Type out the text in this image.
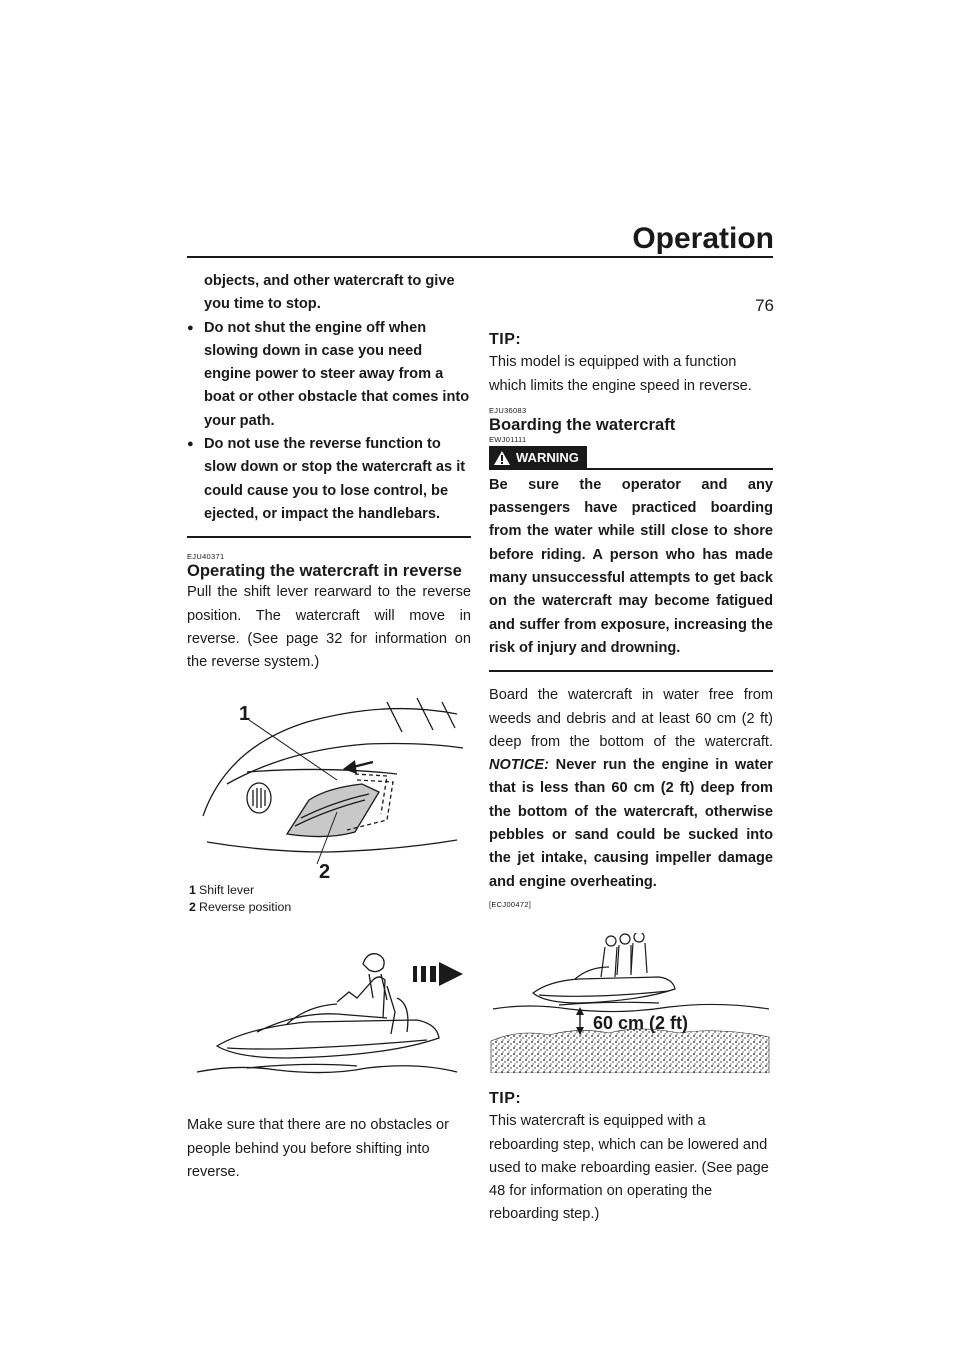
Operation
76

objects, and other watercraft to give you time to stop.

● Do not shut the engine off when slowing down in case you need engine power to steer away from a boat or other obstacle that comes into your path.

● Do not use the reverse function to slow down or stop the watercraft as it could cause you to lose control, be ejected, or impact the handlebars.

EJU40371
Operating the watercraft in reverse

Pull the shift lever rearward to the reverse position. The watercraft will move in reverse. (See page 32 for information on the reverse system.)

1
2
1 Shift lever
2 Reverse position

Make sure that there are no obstacles or people behind you before shifting into reverse.

TIP:

This model is equipped with a function which limits the engine speed in reverse.

EJU36083
Boarding the watercraft
EWJ01111
WARNING

Be sure the operator and any passengers have practiced boarding from the water while still close to shore before riding. A person who has made many unsuccessful attempts to get back on the watercraft may become fatigued and suffer from exposure, increasing the risk of injury and drowning.

Board the watercraft in water free from weeds and debris and at least 60 cm (2 ft) deep from the bottom of the watercraft. NOTICE: Never run the engine in water that is less than 60 cm (2 ft) deep from the bottom of the watercraft, otherwise pebbles or sand could be sucked into the jet intake, causing impeller damage and engine overheating.

[ECJ00472]
60 cm (2 ft)
TIP:

This watercraft is equipped with a reboarding step, which can be lowered and used to make reboarding easier. (See page 48 for information on operating the reboarding step.)
